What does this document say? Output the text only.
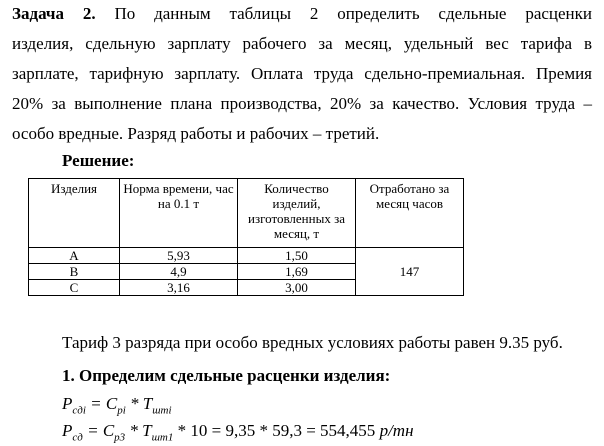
Задача 2. По данным таблицы 2 определить сдельные расценки
изделия, сдельную зарплату рабочего за месяц, удельный вес тарифа в
зарплате, тарифную зарплату. Оплата труда сдельно-премиальная. Премия
20% за выполнение плана производства, 20% за качество. Условия труда –
особо вредные. Разряд работы и рабочих – третий.
Решение:
Изделия	Норма времени, час на 0.1 т	Количество изделий, изготовленных за месяц, т	Отработано за месяц часов
A	5,93	1,50	147
B	4,9	1,69	
C	3,16	3,00	
Тариф 3 разряда при особо вредных условиях работы равен 9.35 руб.
1. Определим сдельные расценки изделия:
$P_{сдi} = C_{pi} * T_{штi}$
$P_{сд} = C_{p3} * T_{шт1} * 10 = 9,35 * 59,3 = 554,455$ р/тн
